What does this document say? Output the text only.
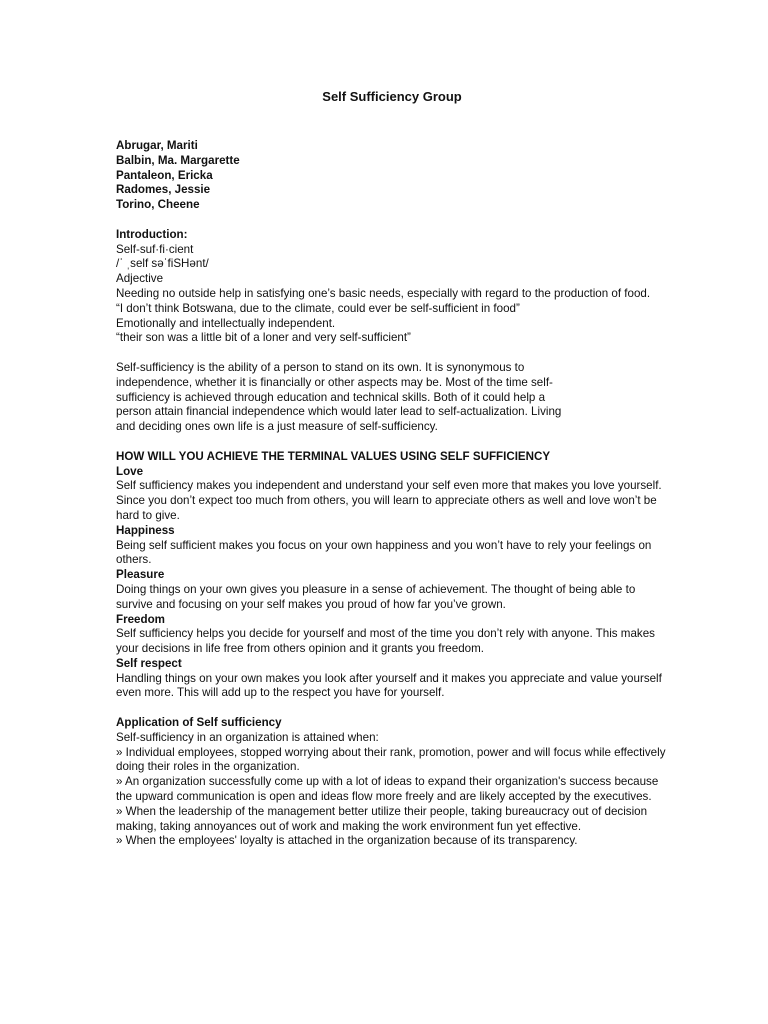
Self Sufficiency Group

Abrugar, Mariti

Balbin, Ma. Margarette

Pantaleon, Ericka

Radomes, Jessie

Torino, Cheene

Introduction:

Self-suf·fi·cient

/ˈ ˌself səˈfiSHənt/

Adjective

Needing no outside help in satisfying one’s basic needs, especially with regard to the production of food.

“I don’t think Botswana, due to the climate, could ever be self-sufficient in food”

Emotionally and intellectually independent.

“their son was a little bit of a loner and very self-sufficient”

Self-sufficiency is the ability of a person to stand on its own. It is synonymous to independence, whether it is financially or other aspects may be. Most of the time self-sufficiency is achieved through education and technical skills. Both of it could help a person attain financial independence which would later lead to self-actualization. Living and deciding ones own life is a just measure of self-sufficiency.

HOW WILL YOU ACHIEVE THE TERMINAL VALUES USING SELF SUFFICIENCY

Love

Self sufficiency makes you independent and understand your self even more that makes you love yourself. Since you don’t expect too much from others, you will learn to appreciate others as well and love won’t be hard to give.

Happiness

Being self sufficient makes you focus on your own happiness and you won’t have to rely your feelings on others.

Pleasure

Doing things on your own gives you pleasure in a sense of achievement. The thought of being able to survive and focusing on your self makes you proud of how far you’ve grown.

Freedom

Self sufficiency helps you decide for yourself and most of the time you don’t rely with anyone. This makes your decisions in life free from others opinion and it grants you freedom.

Self respect

Handling things on your own makes you look after yourself and it makes you appreciate and value yourself even more. This will add up to the respect you have for yourself.

Application of Self sufficiency

Self-sufficiency in an organization is attained when:

» Individual employees, stopped worrying about their rank, promotion, power and will focus while effectively doing their roles in the organization.

» An organization successfully come up with a lot of ideas to expand their organization's success because the upward communication is open and ideas flow more freely and are likely accepted by the executives.

» When the leadership of the management better utilize their people, taking bureaucracy out of decision making, taking annoyances out of work and making the work environment fun yet effective.

» When the employees' loyalty is attached in the organization because of its transparency.
